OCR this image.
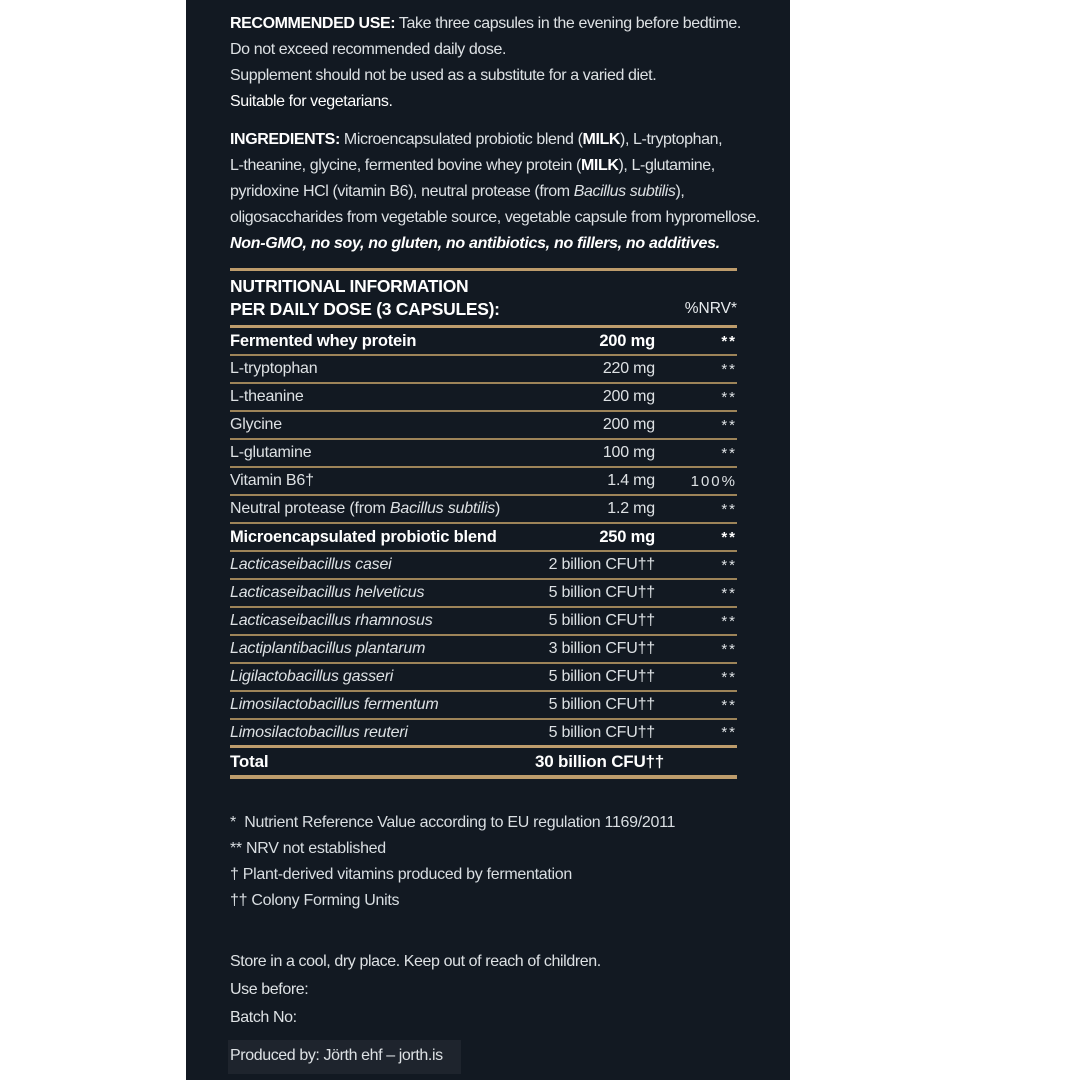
RECOMMENDED USE: Take three capsules in the evening before bedtime.

Do not exceed recommended daily dose.

Supplement should not be used as a substitute for a varied diet.

Suitable for vegetarians.

INGREDIENTS: Microencapsulated probiotic blend (MILK), L-tryptophan,

L-theanine, glycine, fermented bovine whey protein (MILK), L-glutamine,

pyridoxine HCl (vitamin B6), neutral protease (from Bacillus subtilis),

oligosaccharides from vegetable source, vegetable capsule from hypromellose.

Non-GMO, no soy, no gluten, no antibiotics, no fillers, no additives.

NUTRITIONAL INFORMATION
PER DAILY DOSE (3 CAPSULES):	%NRV*
Fermented whey protein	200 mg	**
L-tryptophan	220 mg	**
L-theanine	200 mg	**
Glycine	200 mg	**
L-glutamine	100 mg	**
Vitamin B6†	1.4 mg	100%
Neutral protease (from Bacillus subtilis)	1.2 mg	**
Microencapsulated probiotic blend	250 mg	**
Lacticaseibacillus casei	2 billion CFU††	**
Lacticaseibacillus helveticus	5 billion CFU††	**
Lacticaseibacillus rhamnosus	5 billion CFU††	**
Lactiplantibacillus plantarum	3 billion CFU††	**
Ligilactobacillus gasseri	5 billion CFU††	**
Limosilactobacillus fermentum	5 billion CFU††	**
Limosilactobacillus reuteri	5 billion CFU††	**
Total	30 billion CFU††

*  Nutrient Reference Value according to EU regulation 1169/2011

** NRV not established

† Plant-derived vitamins produced by fermentation

†† Colony Forming Units

Store in a cool, dry place. Keep out of reach of children.

Use before:

Batch No:

Produced by: Jörth ehf – jorth.is
